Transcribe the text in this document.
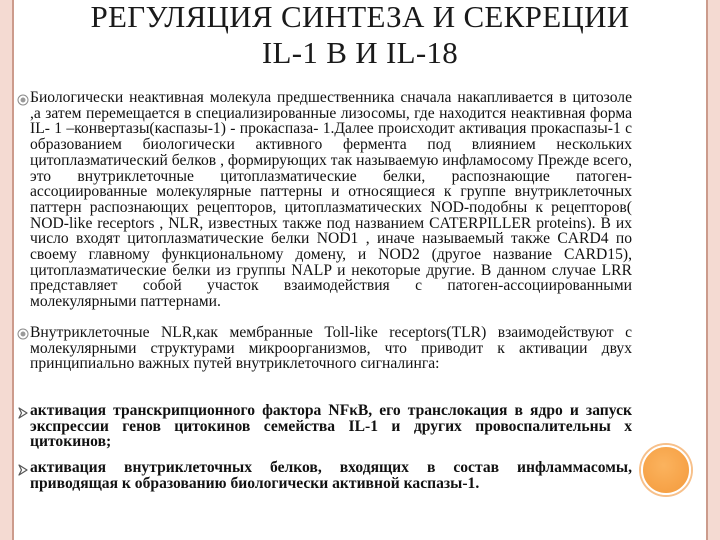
РЕГУЛЯЦИЯ СИНТЕЗА И СЕКРЕЦИИ
IL-1 В И IL-18
Биологически неактивная молекула предшественника сначала накапливается в цитозоле ,а затем перемещается в специализированные лизосомы, где находится неактивная форма IL- 1 –конвертазы(каспазы-1) - прокаспаза- 1.Далее происходит активация прокаспазы-1 с образованием биологически активного фермента под влиянием нескольких цитоплазматический белков , формирующих так называемую инфламосому Прежде всего, это внутриклеточные цитоплазматические белки, распознающие патоген-ассоциированные молекулярные паттерны и относящиеся к группе внутриклеточных паттерн распознающих рецепторов, цитоплазматических NOD-подобны к рецепторов( NOD-like receptors , NLR, известных также под названием CATERPILLER proteins). В их число входят цитоплазматические белки NOD1 , иначе называемый также CARD4 по своему главному функциональному домену, и NOD2 (другое название CARD15), цитоплазматические белки из группы NALP и некоторые другие. В данном случае LRR представляет собой участок взаимодействия с патоген-ассоциированными молекулярными паттернами.
Внутриклеточные NLR,как мембранные Toll-like receptors(TLR) взаимодействуют с молекулярными структурами микроорганизмов, что приводит к активации двух принципиально важных путей внутриклеточного сигналинга:
активация транскрипционного фактора NFκB, его транслокация в ядро и запуск экспрессии генов цитокинов семейства IL-1 и других провоспалительны х цитокинов;
активация внутриклеточных белков, входящих в состав инфламмасомы, приводящая к образованию биологически активной каспазы-1.
